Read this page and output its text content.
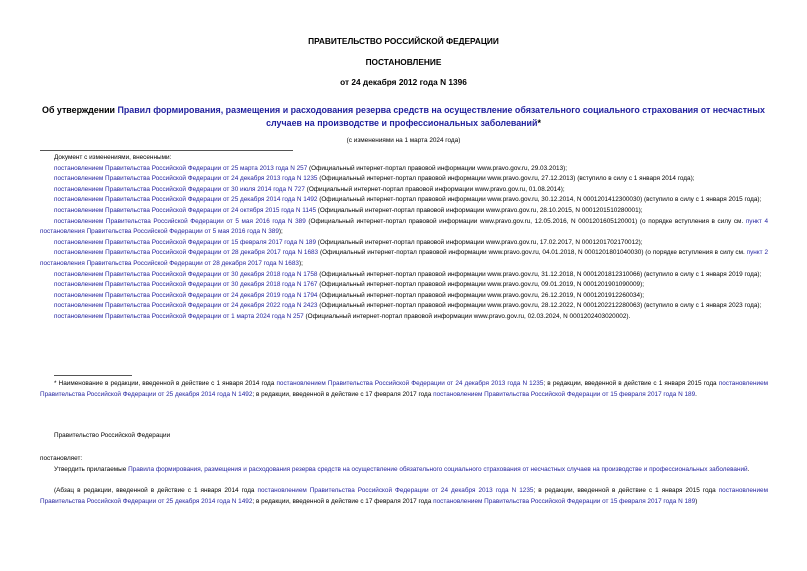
ПРАВИТЕЛЬСТВО РОССИЙСКОЙ ФЕДЕРАЦИИ
ПОСТАНОВЛЕНИЕ
от 24 декабря 2012 года N 1396
Об утверждении Правил формирования, размещения и расходования резерва средств на осуществление обязательного социального страхования от несчастных случаев на производстве и профессиональных заболеваний*
(с изменениями на 1 марта 2024 года)
Документ с изменениями, внесенными:
постановлением Правительства Российской Федерации от 25 марта 2013 года N 257 (Официальный интернет-портал правовой информации www.pravo.gov.ru, 29.03.2013);
постановлением Правительства Российской Федерации от 24 декабря 2013 года N 1235 (Официальный интернет-портал правовой информации www.pravo.gov.ru, 27.12.2013) (вступило в силу с 1 января 2014 года);
постановлением Правительства Российской Федерации от 30 июля 2014 года N 727 (Официальный интернет-портал правовой информации www.pravo.gov.ru, 01.08.2014);
постановлением Правительства Российской Федерации от 25 декабря 2014 года N 1492 (Официальный интернет-портал правовой информации www.pravo.gov.ru, 30.12.2014, N 0001201412300030) (вступило в силу с 1 января 2015 года);
постановлением Правительства Российской Федерации от 24 октября 2015 года N 1145 (Официальный интернет-портал правовой информации www.pravo.gov.ru, 28.10.2015, N 0001201510280001);
постановлением Правительства Российской Федерации от 5 мая 2016 года N 389 (Официальный интернет-портал правовой информации www.pravo.gov.ru, 12.05.2016, N 0001201605120001) (о порядке вступления в силу см. пункт 4 постановления Правительства Российской Федерации от 5 мая 2016 года N 389);
постановлением Правительства Российской Федерации от 15 февраля 2017 года N 189 (Официальный интернет-портал правовой информации www.pravo.gov.ru, 17.02.2017, N 0001201702170012);
постановлением Правительства Российской Федерации от 28 декабря 2017 года N 1683 (Официальный интернет-портал правовой информации www.pravo.gov.ru, 04.01.2018, N 0001201801040030) (о порядке вступления в силу см. пункт 2 постановления Правительства Российской Федерации от 28 декабря 2017 года N 1683);
постановлением Правительства Российской Федерации от 30 декабря 2018 года N 1758 (Официальный интернет-портал правовой информации www.pravo.gov.ru, 31.12.2018, N 0001201812310066) (вступило в силу с 1 января 2019 года);
постановлением Правительства Российской Федерации от 30 декабря 2018 года N 1767 (Официальный интернет-портал правовой информации www.pravo.gov.ru, 09.01.2019, N 0001201901090009);
постановлением Правительства Российской Федерации от 24 декабря 2019 года N 1794 (Официальный интернет-портал правовой информации www.pravo.gov.ru, 26.12.2019, N 0001201912260034);
постановлением Правительства Российской Федерации от 24 декабря 2022 года N 2423 (Официальный интернет-портал правовой информации www.pravo.gov.ru, 28.12.2022, N 0001202212280063) (вступило в силу с 1 января 2023 года);
постановлением Правительства Российской Федерации от 1 марта 2024 года N 257 (Официальный интернет-портал правовой информации www.pravo.gov.ru, 02.03.2024, N 0001202403020002).
* Наименование в редакции, введенной в действие с 1 января 2014 года постановлением Правительства Российской Федерации от 24 декабря 2013 года N 1235; в редакции, введенной в действие с 1 января 2015 года постановлением Правительства Российской Федерации от 25 декабря 2014 года N 1492; в редакции, введенной в действие с 17 февраля 2017 года постановлением Правительства Российской Федерации от 15 февраля 2017 года N 189.
Правительство Российской Федерации
постановляет:
Утвердить прилагаемые Правила формирования, размещения и расходования резерва средств на осуществление обязательного социального страхования от несчастных случаев на производстве и профессиональных заболеваний.
(Абзац в редакции, введенной в действие с 1 января 2014 года постановлением Правительства Российской Федерации от 24 декабря 2013 года N 1235; в редакции, введенной в действие с 1 января 2015 года постановлением Правительства Российской Федерации от 25 декабря 2014 года N 1492; в редакции, введенной в действие с 17 февраля 2017 года постановлением Правительства Российской Федерации от 15 февраля 2017 года N 189)
